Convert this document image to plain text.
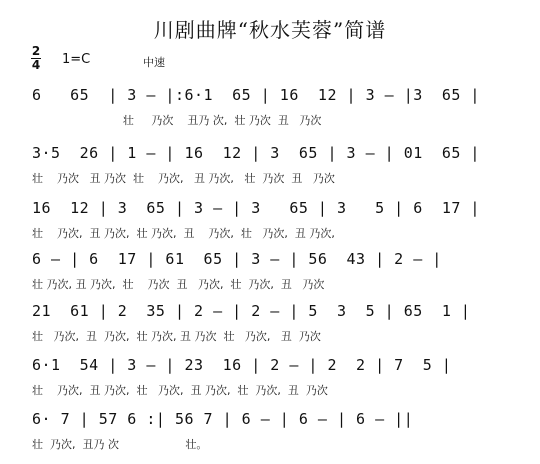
川剧曲牌“秋水芙蓉”简谱
2
4 1=C	中速
6   65  | 3 – |:6·1  65 | 16  12 | 3 – |3  65 |
壮     乃次    丑乃 次,  壮 乃次  丑   乃次
3·5  26 | 1 – | 16  12 | 3  65 | 3 – | 01  65 |
壮    乃次   丑 乃次  壮    乃次,   丑 乃次,   壮  乃次  丑   乃次
16  12 | 3  65 | 3 – | 3   65 | 3   5 | 6  17 |
壮    乃次,  丑 乃次,  壮 乃次,  丑    乃次,  壮   乃次,  丑 乃次,
6 – | 6  17 | 61  65 | 3 – | 56  43 | 2 – |
壮 乃次, 丑 乃次,  壮    乃次  丑   乃次,  壮  乃次,  丑   乃次
21  61 | 2  35 | 2 – | 2 – | 5  3  5 | 65  1 |
壮   乃次,  丑  乃次,  壮 乃次, 丑 乃次  壮   乃次,   丑  乃次
6·1  54 | 3 – | 23  16 | 2 – | 2  2 | 7  5 |
壮    乃次,  丑 乃次,  壮   乃次,  丑 乃次,  壮  乃次,  丑  乃次
6· 7 | 57 6 :| 56 7 | 6 – | 6 – | 6 – ||
壮  乃次,  丑乃 次                   壮。
